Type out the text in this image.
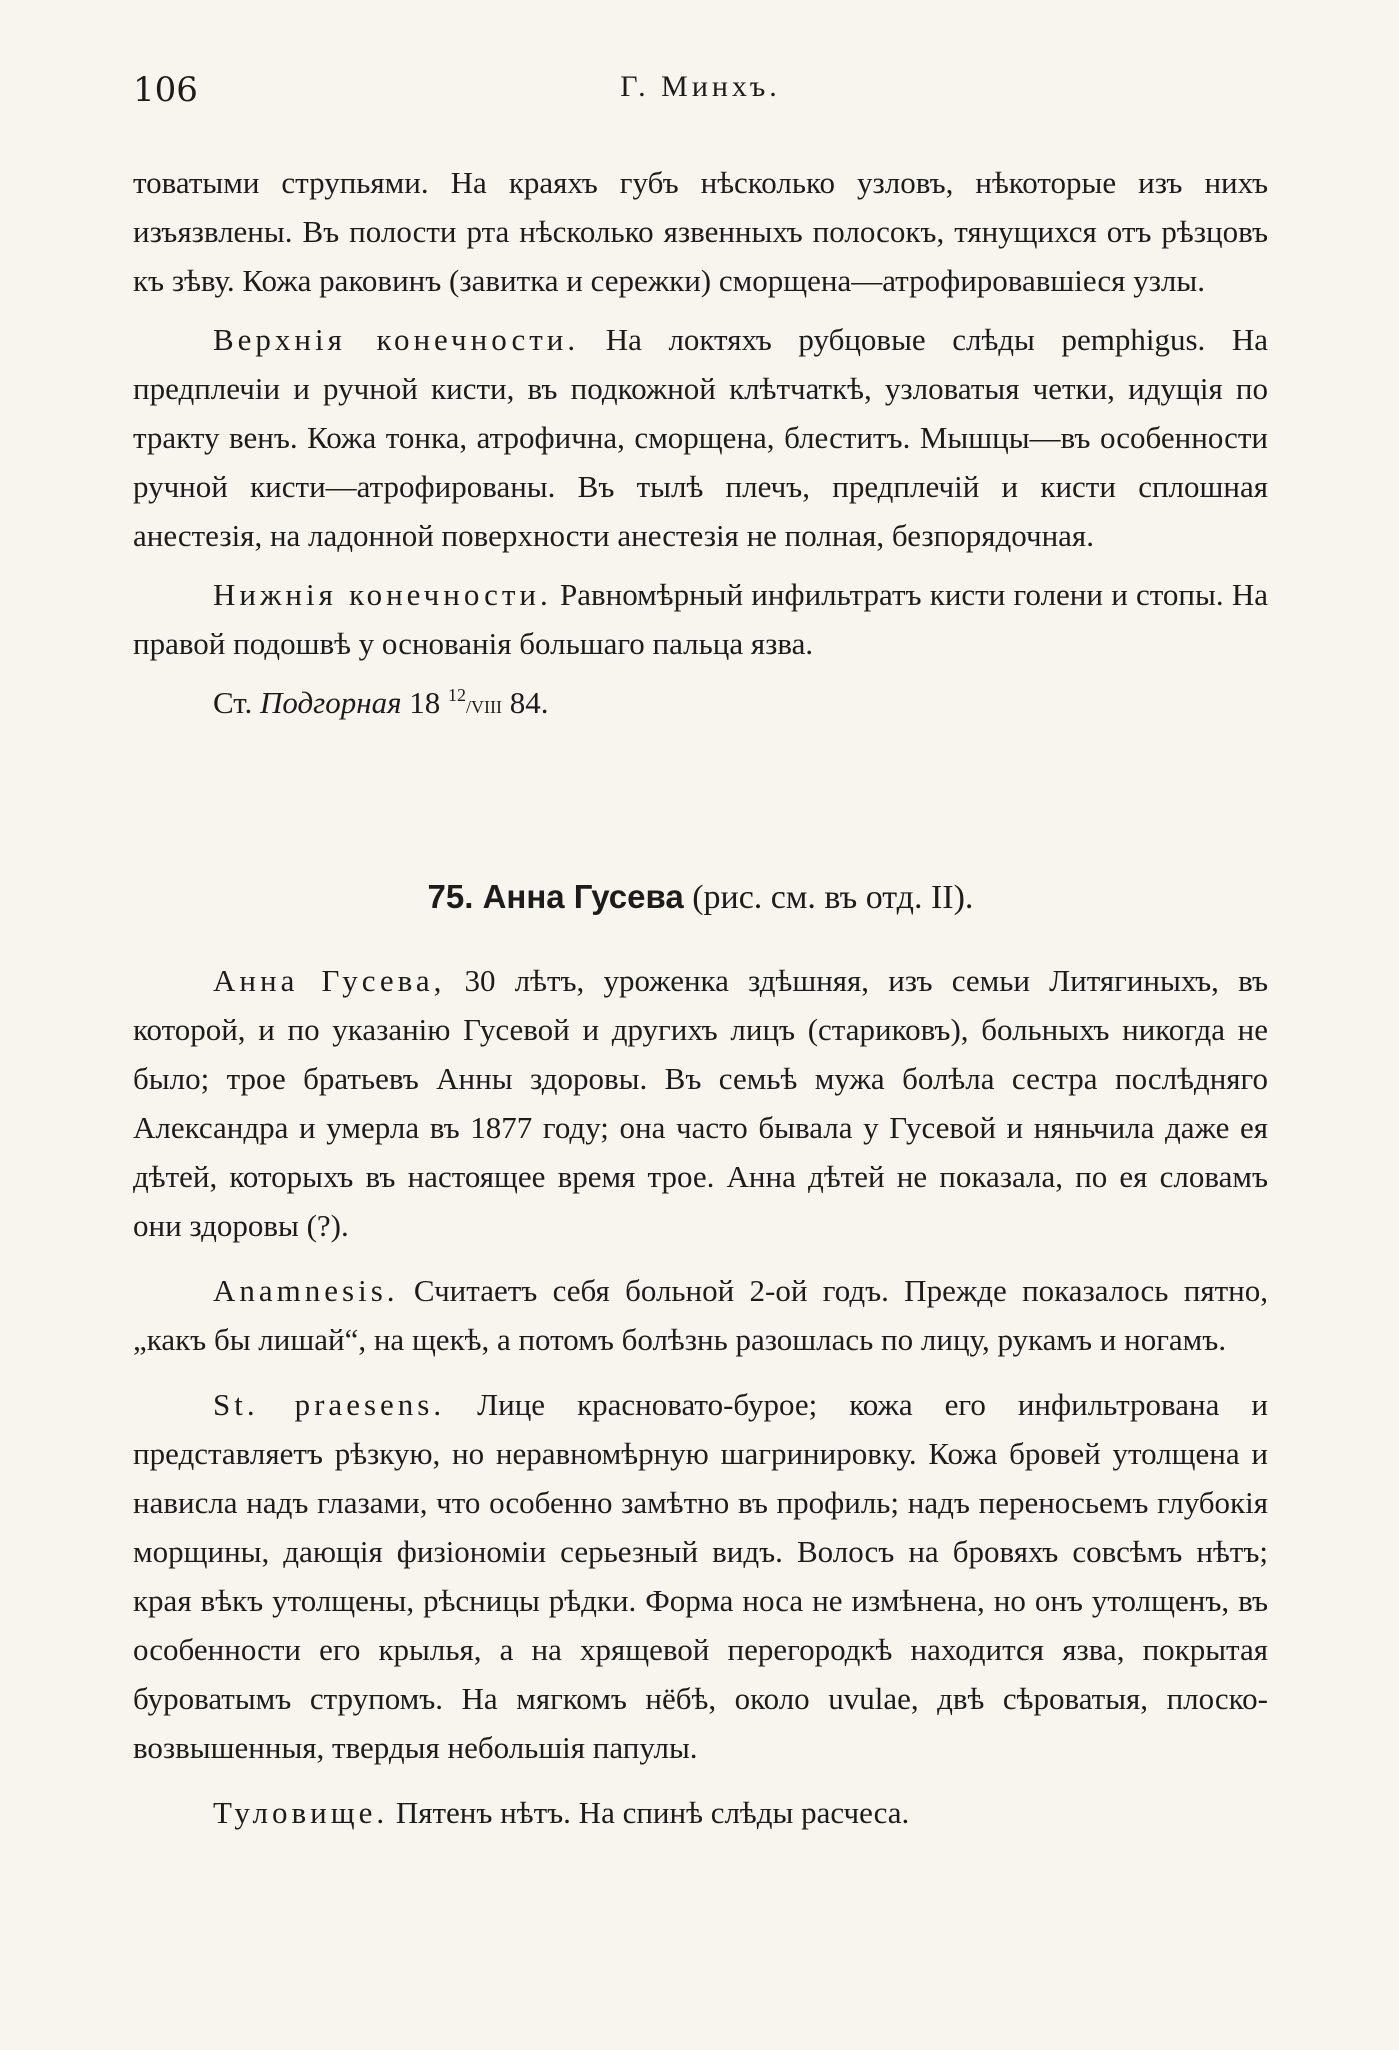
106	Г. Минхъ.

товатыми струпьями. На краяхъ губъ нѣсколько узловъ, нѣкоторые изъ нихъ изъязвлены. Въ полости рта нѣсколько язвенныхъ полосокъ, тянущихся отъ рѣзцовъ къ зѣву. Кожа раковинъ (завитка и сережки) сморщена—атрофировавшіеся узлы.

Верхнія конечности. На локтяхъ рубцовые слѣды pemphigus. На предплечіи и ручной кисти, въ подкожной клѣтчаткѣ, узловатыя четки, идущія по тракту венъ. Кожа тонка, атрофична, сморщена, блеститъ. Мышцы—въ особенности ручной кисти—атрофированы. Въ тылѣ плечъ, предплечій и кисти сплошная анестезія, на ладонной поверхности анестезія не полная, безпорядочная.

Нижнія конечности. Равномѣрный инфильтратъ кисти голени и стопы. На правой подошвѣ у основанія большаго пальца язва.

Ст. Подгорная 18 $^{12}$/VIII 84.

75. Анна Гусева (рис. см. въ отд. II).

Анна Гусева, 30 лѣтъ, уроженка здѣшняя, изъ семьи Литягиныхъ, въ которой, и по указанію Гусевой и другихъ лицъ (стариковъ), больныхъ никогда не было; трое братьевъ Анны здоровы. Въ семьѣ мужа болѣла сестра послѣдняго Александра и умерла въ 1877 году; она часто бывала у Гусевой и няньчила даже ея дѣтей, которыхъ въ настоящее время трое. Анна дѣтей не показала, по ея словамъ они здоровы (?).

Anamnesis. Считаетъ себя больной 2-ой годъ. Прежде показалось пятно, „какъ бы лишай“, на щекѣ, а потомъ болѣзнь разошлась по лицу, рукамъ и ногамъ.

St. praesens. Лице красновато-бурое; кожа его инфильтрована и представляетъ рѣзкую, но неравномѣрную шагринировку. Кожа бровей утолщена и нависла надъ глазами, что особенно замѣтно въ профиль; надъ переносьемъ глубокія морщины, дающія физіономіи серьезный видъ. Волосъ на бровяхъ совсѣмъ нѣтъ; края вѣкъ утолщены, рѣсницы рѣдки. Форма носа не измѣнена, но онъ утолщенъ, въ особенности его крылья, а на хрящевой перегородкѣ находится язва, покрытая буроватымъ струпомъ. На мягкомъ нёбѣ, около uvulae, двѣ сѣроватыя, плоско-возвышенныя, твердыя небольшія папулы.

Туловище. Пятенъ нѣтъ. На спинѣ слѣды расчеса.
